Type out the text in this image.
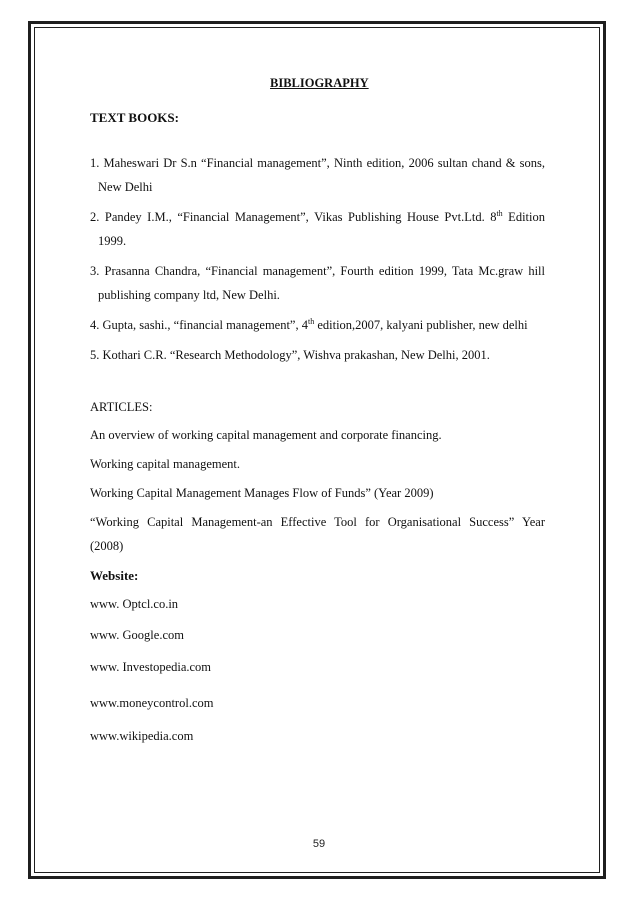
BIBLIOGRAPHY
TEXT BOOKS:
1. Maheswari Dr S.n “Financial management”, Ninth edition, 2006 sultan chand & sons,
New Delhi
2. Pandey I.M., “Financial Management”, Vikas Publishing House Pvt.Ltd. 8th Edition
1999.
3. Prasanna Chandra, “Financial management”, Fourth edition 1999, Tata Mc.graw hill
publishing company ltd, New Delhi.
4. Gupta, sashi., “financial management”, 4th edition,2007, kalyani publisher, new delhi
5. Kothari C.R. “Research Methodology”, Wishva prakashan, New Delhi, 2001.
ARTICLES:
An overview of working capital management and corporate financing.
Working capital management.
Working Capital Management Manages Flow of Funds” (Year 2009)
“Working Capital Management-an Effective Tool for Organisational Success” Year
(2008)
Website:
www. Optcl.co.in
www. Google.com
www. Investopedia.com
www.moneycontrol.com
www.wikipedia.com
59
